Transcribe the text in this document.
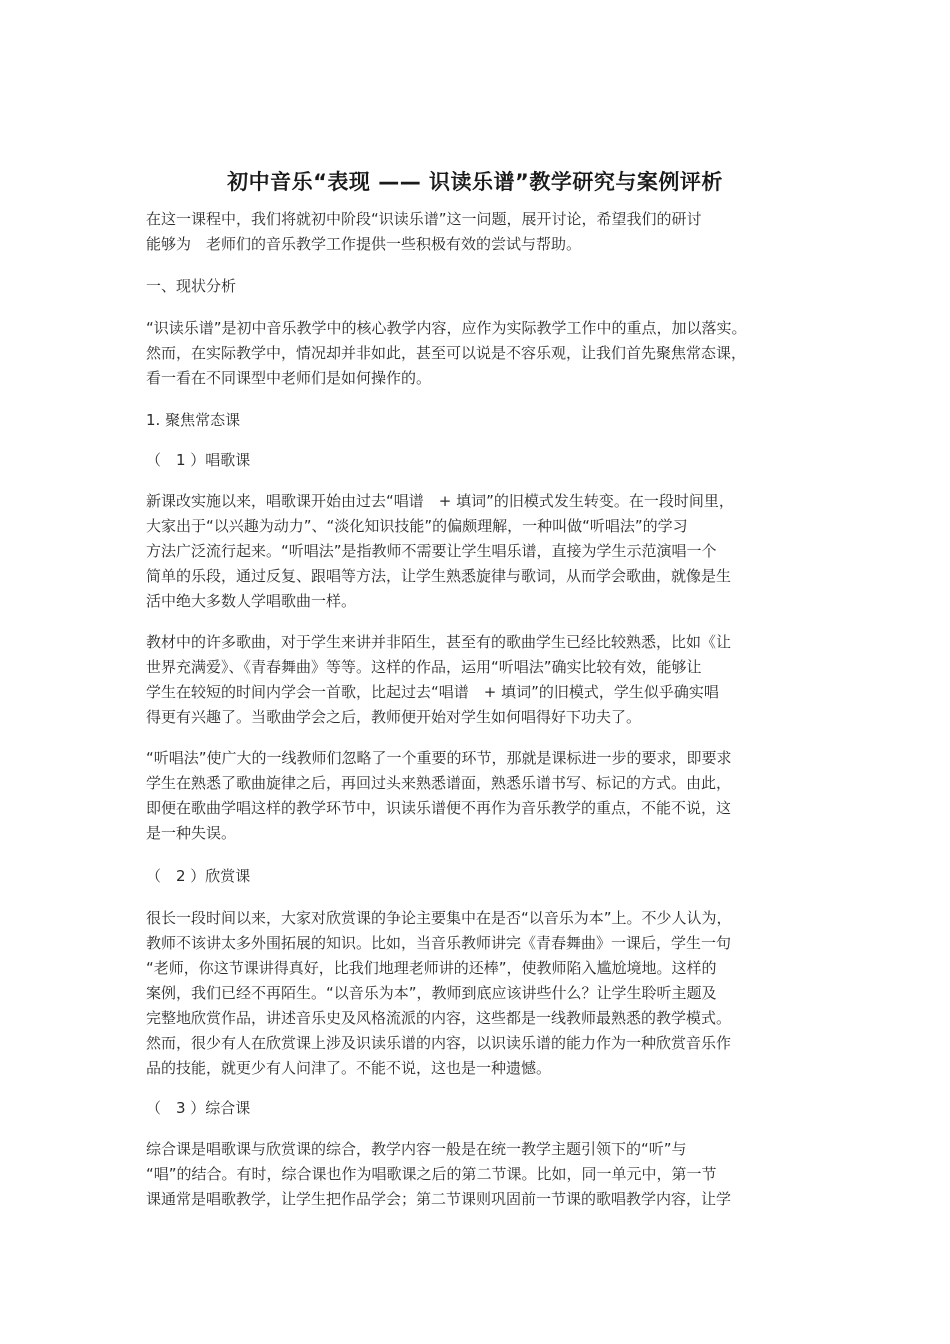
初中音乐“表现 —— 识读乐谱”教学研究与案例评析
在这一课程中，我们将就初中阶段“识读乐谱”这一问题，展开讨论，希望我们的研讨
能够为　老师们的音乐教学工作提供一些积极有效的尝试与帮助。
一、现状分析
“识读乐谱”是初中音乐教学中的核心教学内容，应作为实际教学工作中的重点，加以落实。
然而，在实际教学中，情况却并非如此，甚至可以说是不容乐观，让我们首先聚焦常态课，
看一看在不同课型中老师们是如何操作的。
1. 聚焦常态课
（　1 ）唱歌课
新课改实施以来，唱歌课开始由过去“唱谱　+ 填词”的旧模式发生转变。在一段时间里，
大家出于“以兴趣为动力”、“淡化知识技能”的偏颇理解，一种叫做“听唱法”的学习
方法广泛流行起来。“听唱法”是指教师不需要让学生唱乐谱，直接为学生示范演唱一个
简单的乐段，通过反复、跟唱等方法，让学生熟悉旋律与歌词，从而学会歌曲，就像是生
活中绝大多数人学唱歌曲一样。
教材中的许多歌曲，对于学生来讲并非陌生，甚至有的歌曲学生已经比较熟悉，比如《让
世界充满爱》、《青春舞曲》等等。这样的作品，运用“听唱法”确实比较有效，能够让
学生在较短的时间内学会一首歌，比起过去“唱谱　+ 填词”的旧模式，学生似乎确实唱
得更有兴趣了。当歌曲学会之后，教师便开始对学生如何唱得好下功夫了。
“听唱法”使广大的一线教师们忽略了一个重要的环节，那就是课标进一步的要求，即要求
学生在熟悉了歌曲旋律之后，再回过头来熟悉谱面，熟悉乐谱书写、标记的方式。由此，
即便在歌曲学唱这样的教学环节中，识读乐谱便不再作为音乐教学的重点，不能不说，这
是一种失误。
（　2 ）欣赏课
很长一段时间以来，大家对欣赏课的争论主要集中在是否“以音乐为本”上。不少人认为，
教师不该讲太多外围拓展的知识。比如，当音乐教师讲完《青春舞曲》一课后，学生一句
“老师，你这节课讲得真好，比我们地理老师讲的还棒”，使教师陷入尴尬境地。这样的
案例，我们已经不再陌生。“以音乐为本”，教师到底应该讲些什么？让学生聆听主题及
完整地欣赏作品，讲述音乐史及风格流派的内容，这些都是一线教师最熟悉的教学模式。
然而，很少有人在欣赏课上涉及识读乐谱的内容，以识读乐谱的能力作为一种欣赏音乐作
品的技能，就更少有人问津了。不能不说，这也是一种遗憾。
（　3 ）综合课
综合课是唱歌课与欣赏课的综合，教学内容一般是在统一教学主题引领下的“听”与
“唱”的结合。有时，综合课也作为唱歌课之后的第二节课。比如，同一单元中，第一节
课通常是唱歌教学，让学生把作品学会；第二节课则巩固前一节课的歌唱教学内容，让学
